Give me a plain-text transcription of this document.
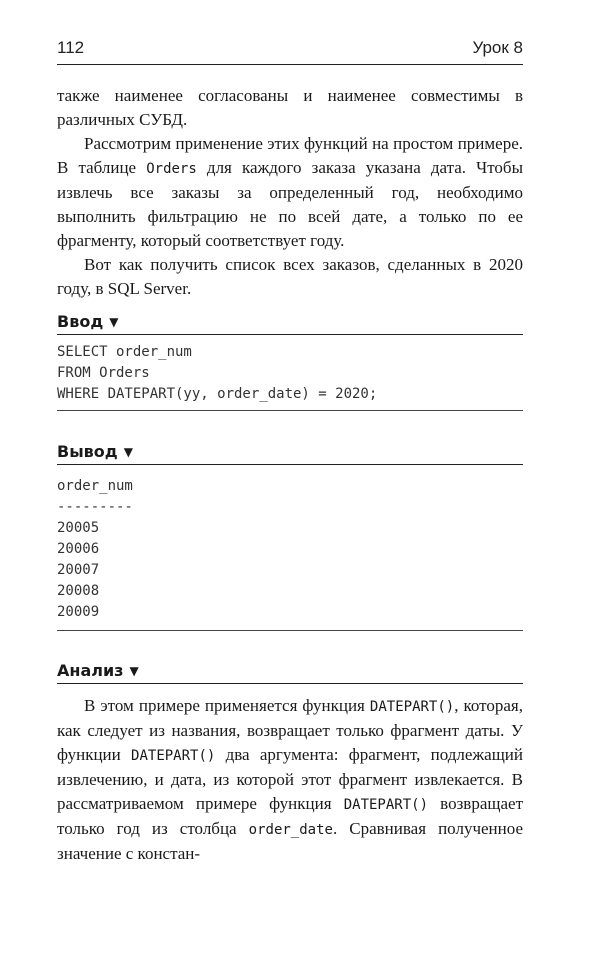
112	Урок 8

также наименее согласованы и наименее совместимы в различных СУБД.

Рассмотрим применение этих функций на простом примере. В таблице Orders для каждого заказа указана дата. Чтобы извлечь все заказы за определенный год, необходимо выполнить фильтрацию не по всей дате, а только по ее фрагменту, который соответствует году.

Вот как получить список всех заказов, сделанных в 2020 году, в SQL Server.

Ввод ▼
SELECT order_num
FROM Orders
WHERE DATEPART(yy, order_date) = 2020;
Вывод ▼
order_num
---------
20005
20006
20007
20008
20009
Анализ ▼

В этом примере применяется функция DATEPART(), которая, как следует из названия, возвращает только фрагмент даты. У функции DATEPART() два аргумента: фрагмент, подлежащий извлечению, и дата, из которой этот фрагмент извлекается. В рассматриваемом примере функция DATEPART() возвращает только год из столбца order_date. Сравнивая полученное значение с констан-
